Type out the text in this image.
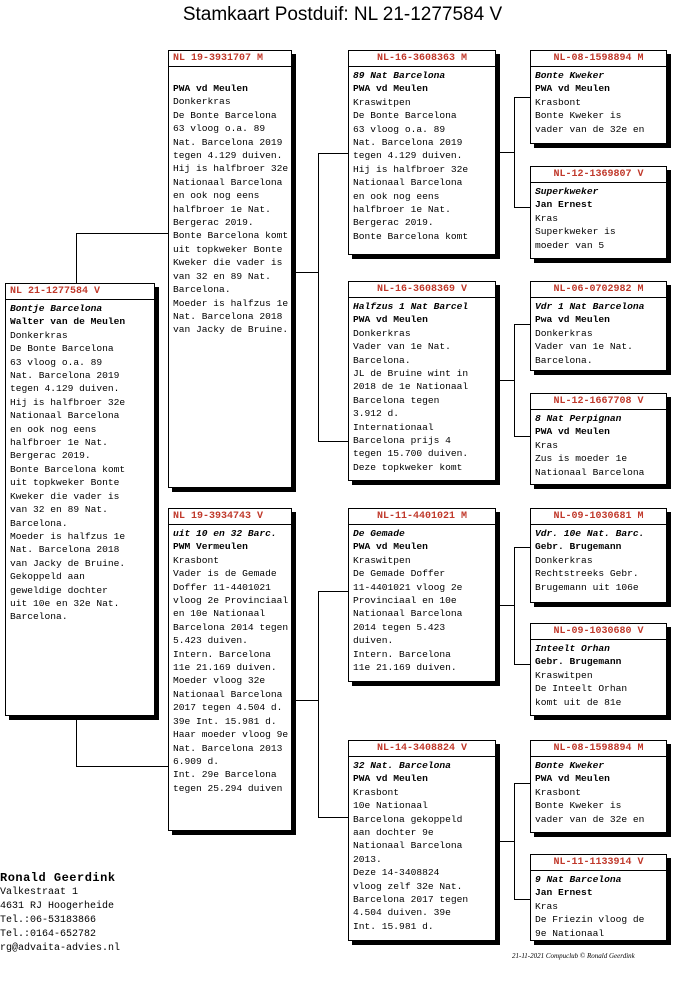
Stamkaart Postduif: NL 21-1277584 V
NL 21-1277584 V
Bontje Barcelona
Walter van de Meulen
Donkerkras
De Bonte Barcelona
63 vloog o.a. 89
Nat. Barcelona 2019
tegen 4.129 duiven.
Hij is halfbroer 32e
Nationaal Barcelona
en ook nog eens
halfbroer 1e Nat.
Bergerac 2019.
Bonte Barcelona komt
uit topkweker Bonte
Kweker die vader is
van 32 en 89 Nat.
Barcelona.
Moeder is halfzus 1e
Nat. Barcelona 2018
van Jacky de Bruine.
Gekoppeld aan
geweldige dochter
uit 10e en 32e Nat.
Barcelona.
NL 19-3931707 M
PWA vd Meulen
Donkerkras
De Bonte Barcelona
63 vloog o.a. 89
Nat. Barcelona 2019
tegen 4.129 duiven.
Hij is halfbroer 32e
Nationaal Barcelona
en ook nog eens
halfbroer 1e Nat.
Bergerac 2019.
Bonte Barcelona komt
uit topkweker Bonte
Kweker die vader is
van 32 en 89 Nat.
Barcelona.
Moeder is halfzus 1e
Nat. Barcelona 2018
van Jacky de Bruine.
NL 19-3934743 V
uit 10 en 32 Barc.
PWM Vermeulen
Krasbont
Vader is de Gemade
Doffer 11-4401021
vloog 2e Provinciaal
en 10e Nationaal
Barcelona 2014 tegen
5.423 duiven.
Intern. Barcelona
11e 21.169 duiven.
Moeder vloog 32e
Nationaal Barcelona
2017 tegen 4.504 d.
39e Int. 15.981 d.
Haar moeder vloog 9e
Nat. Barcelona 2013
6.909 d.
Int. 29e Barcelona
tegen 25.294 duiven
NL-16-3608363 M
89 Nat Barcelona
PWA vd Meulen
Kraswitpen
De Bonte Barcelona
63 vloog o.a. 89
Nat. Barcelona 2019
tegen 4.129 duiven.
Hij is halfbroer 32e
Nationaal Barcelona
en ook nog eens
halfbroer 1e Nat.
Bergerac 2019.
Bonte Barcelona komt
NL-16-3608369 V
Halfzus 1 Nat Barcel
PWA vd Meulen
Donkerkras
Vader van 1e Nat.
Barcelona.
JL de Bruine wint in
2018 de 1e Nationaal
Barcelona tegen
3.912 d.
Internationaal
Barcelona prijs 4
tegen 15.700 duiven.
Deze topkweker komt
NL-11-4401021 M
De Gemade
PWA vd Meulen
Kraswitpen
De Gemade Doffer
11-4401021 vloog 2e
Provinciaal en 10e
Nationaal Barcelona
2014 tegen 5.423
duiven.
Intern. Barcelona
11e 21.169 duiven.
NL-14-3408824 V
32 Nat. Barcelona
PWA vd Meulen
Krasbont
10e Nationaal
Barcelona gekoppeld
aan dochter 9e
Nationaal Barcelona
2013.
Deze 14-3408824
vloog zelf 32e Nat.
Barcelona 2017 tegen
4.504 duiven. 39e
Int. 15.981 d.
NL-08-1598894 M
Bonte Kweker
PWA vd Meulen
Krasbont
Bonte Kweker is
vader van de 32e en
NL-12-1369807 V
Superkweker
Jan Ernest
Kras
Superkweker is
moeder van 5
NL-06-0702982 M
Vdr 1 Nat Barcelona
Pwa vd Meulen
Donkerkras
Vader van 1e Nat.
Barcelona.
NL-12-1667708 V
8 Nat Perpignan
PWA vd Meulen
Kras
Zus is moeder 1e
Nationaal Barcelona
NL-09-1030681 M
Vdr. 10e Nat. Barc.
Gebr. Brugemann
Donkerkras
Rechtstreeks Gebr.
Brugemann uit 106e
NL-09-1030680 V
Inteelt Orhan
Gebr. Brugemann
Kraswitpen
De Inteelt Orhan
komt uit de 81e
NL-08-1598894 M
Bonte Kweker
PWA vd Meulen
Krasbont
Bonte Kweker is
vader van de 32e en
NL-11-1133914 V
9 Nat Barcelona
Jan Ernest
Kras
De Friezin vloog de
9e Nationaal
Ronald Geerdink
Valkestraat 1
4631 RJ Hoogerheide
Tel.:06-53183866
Tel.:0164-652782
rg@advaita-advies.nl
21-11-2021 Compuclub © Ronald Geerdink
